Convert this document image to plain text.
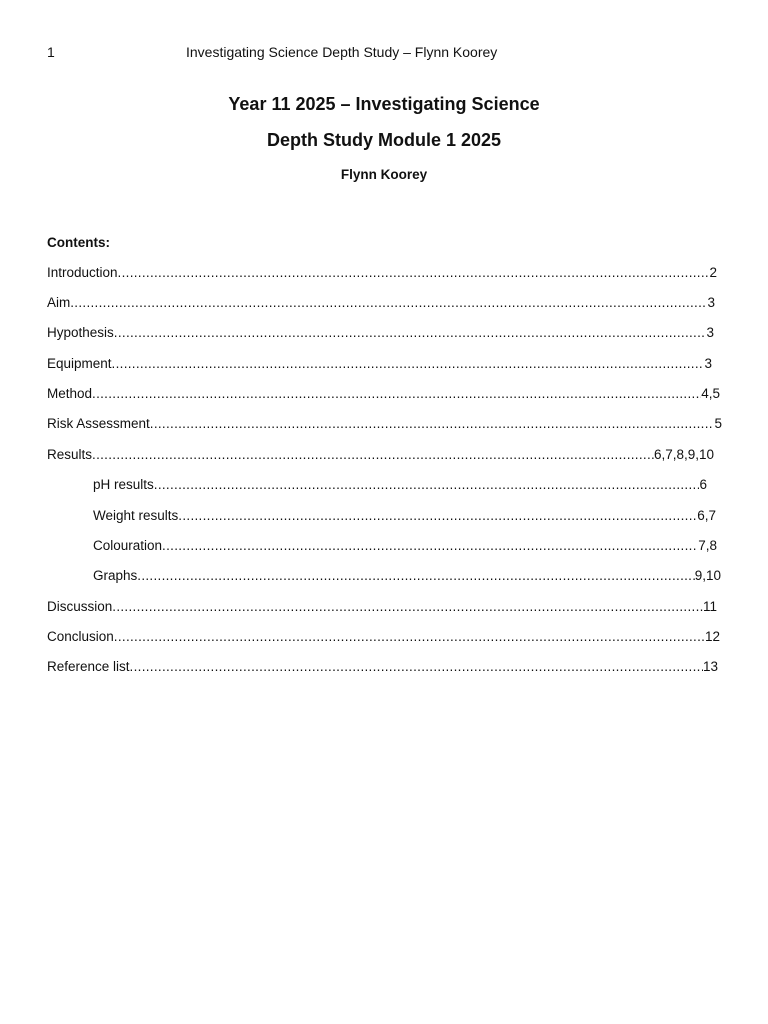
1	Investigating Science Depth Study – Flynn Koorey
Year 11 2025 – Investigating Science
Depth Study Module 1 2025
Flynn Koorey
Contents:
Introduction .....	2
Aim .....	3
Hypothesis .....	3
Equipment .....	3
Method .....	4,5
Risk Assessment .....	5
Results .....	6,7,8,9,10
pH results .....	6
Weight results .....	6,7
Colouration .....	7,8
Graphs .....	9,10
Discussion .....	11
Conclusion .....	12
Reference list .....	13
